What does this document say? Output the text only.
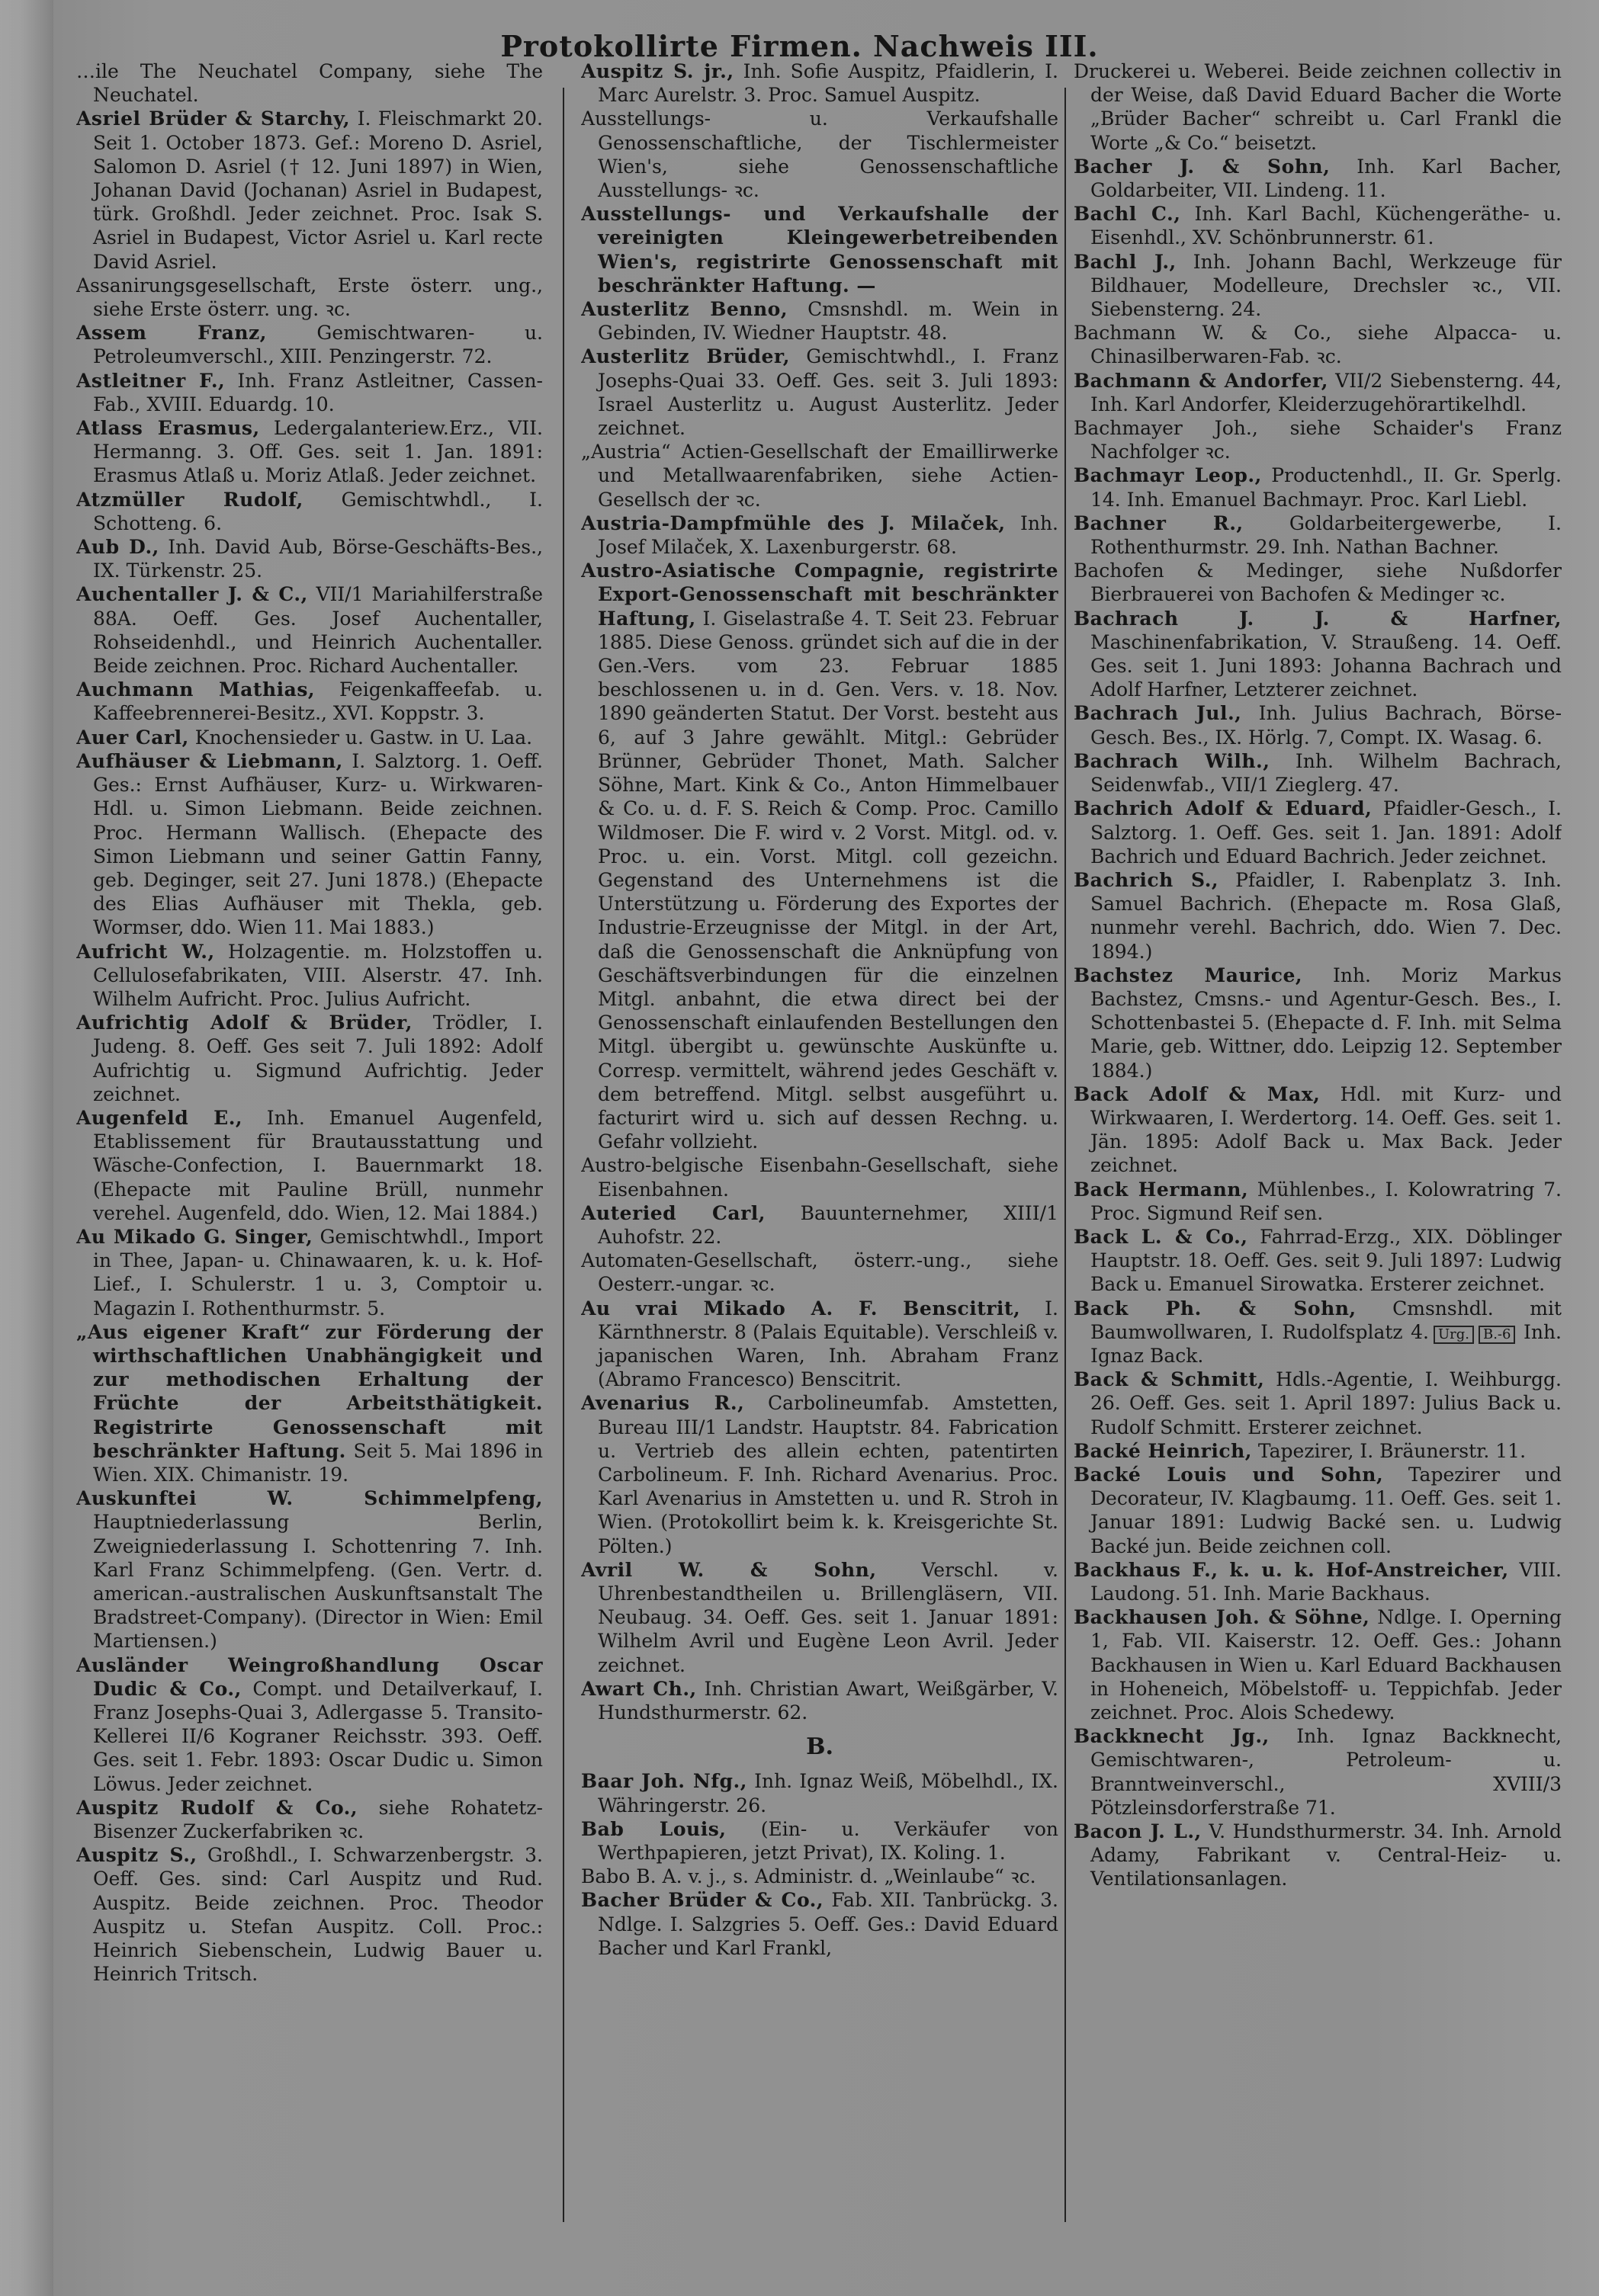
Protokollirte Firmen. Nachweis III.

…ile The Neuchatel Company, siehe The Neuchatel.

Asriel Brüder & Starchy, I. Fleischmarkt 20. Seit 1. October 1873. Gef.: Moreno D. Asriel, Salomon D. Asriel († 12. Juni 1897) in Wien, Johanan David (Jochanan) Asriel in Budapest, türk. Großhdl. Jeder zeichnet. Proc. Isak S. Asriel in Budapest, Victor Asriel u. Karl recte David Asriel.

Assanirungsgesellschaft, Erste österr. ung., siehe Erste österr. ung. ꝛc.

Assem Franz,	Gemischtwaren- u. Petroleumverschl., XIII. Penzingerstr. 72.

Astleitner F., Inh. Franz Astleitner, Cassen-Fab., XVIII. Eduardg. 10.

Atlass Erasmus, Ledergalanteriew.Erz., VII. Hermanng. 3. Off. Ges. seit 1. Jan. 1891: Erasmus Atlaß u. Moriz Atlaß. Jeder zeichnet.

Atzmüller Rudolf, Gemischtwhdl., I. Schotteng. 6.

Aub D., Inh. David Aub, Börse-Geschäfts-Bes., IX. Türkenstr. 25.

Auchentaller J. & C., VII/1 Mariahilferstraße 88A. Oeff. Ges. Josef Auchentaller, Rohseidenhdl., und Heinrich Auchentaller. Beide zeichnen. Proc. Richard Auchentaller.

Auchmann Mathias, Feigenkaffeefab. u. Kaffeebrennerei-Besitz., XVI. Koppstr. 3.

Auer Carl, Knochensieder u. Gastw. in U. Laa.

Aufhäuser & Liebmann, I. Salztorg. 1. Oeff. Ges.: Ernst Aufhäuser, Kurz- u. Wirkwaren-Hdl. u. Simon Liebmann. Beide zeichnen. Proc. Hermann Wallisch. (Ehepacte des Simon Liebmann und seiner Gattin Fanny, geb. Deginger, seit 27. Juni 1878.) (Ehepacte des Elias Aufhäuser mit Thekla, geb. Wormser, ddo. Wien 11. Mai 1883.)

Aufricht W., Holzagentie. m. Holzstoffen u. Cellulosefabrikaten, VIII. Alserstr. 47. Inh. Wilhelm Aufricht. Proc. Julius Aufricht.

Aufrichtig Adolf & Brüder, Trödler, I. Judeng. 8. Oeff. Ges seit 7. Juli 1892: Adolf Aufrichtig u. Sigmund Aufrichtig. Jeder zeichnet.

Augenfeld E., Inh. Emanuel Augenfeld, Etablissement für Brautausstattung und Wäsche-Confection, I. Bauernmarkt 18. (Ehepacte mit Pauline Brüll, nunmehr verehel. Augenfeld, ddo. Wien, 12. Mai 1884.)

Au Mikado G. Singer, Gemischtwhdl., Import in Thee, Japan- u. Chinawaaren, k. u. k. Hof-Lief., I. Schulerstr. 1 u. 3, Comptoir u. Magazin I. Rothenthurmstr. 5.

„Aus eigener Kraft“ zur Förderung der wirthschaftlichen Unabhängigkeit und zur methodischen Erhaltung der Früchte der Arbeitsthätigkeit. Registrirte Genossenschaft mit beschränkter Haftung. Seit 5. Mai 1896 in Wien. XIX. Chimanistr. 19.

Auskunftei W. Schimmelpfeng, Hauptniederlassung Berlin, Zweigniederlassung I. Schottenring 7. Inh. Karl Franz Schimmelpfeng. (Gen. Vertr. d. american.-australischen Auskunftsanstalt The Bradstreet-Company). (Director in Wien: Emil Martiensen.)

Ausländer Weingroßhandlung Oscar Dudic & Co., Compt. und Detailverkauf, I. Franz Josephs-Quai 3, Adlergasse 5. Transito-Kellerei II/6 Kograner Reichsstr. 393. Oeff. Ges. seit 1. Febr. 1893: Oscar Dudic u. Simon Löwus. Jeder zeichnet.

Auspitz Rudolf & Co., siehe Rohatetz-Bisenzer Zuckerfabriken ꝛc.

Auspitz S., Großhdl., I. Schwarzenbergstr. 3. Oeff. Ges. sind: Carl Auspitz und Rud. Auspitz. Beide zeichnen. Proc. Theodor Auspitz u. Stefan Auspitz. Coll. Proc.: Heinrich Siebenschein, Ludwig Bauer u. Heinrich Tritsch.

Auspitz S. jr., Inh. Sofie Auspitz, Pfaidlerin, I. Marc Aurelstr. 3. Proc. Samuel Auspitz.

Ausstellungs- u. Verkaufshalle Genossenschaftliche, der Tischlermeister Wien's, siehe Genossenschaftliche Ausstellungs- ꝛc.

Ausstellungs- und Verkaufshalle der vereinigten Kleingewerbetreibenden Wien's, registrirte Genossenschaft mit beschränkter Haftung. —

Austerlitz Benno, Cmsnshdl. m. Wein in Gebinden, IV. Wiedner Hauptstr. 48.

Austerlitz Brüder, Gemischtwhdl., I. Franz Josephs-Quai 33. Oeff. Ges. seit 3. Juli 1893: Israel Austerlitz u. August Austerlitz. Jeder zeichnet.

„Austria“ Actien-Gesellschaft der Emaillirwerke und Metallwaarenfabriken, siehe Actien-Gesellsch der ꝛc.

Austria-Dampfmühle des J. Milaček, Inh. Josef Milaček, X. Laxenburgerstr. 68.

Austro-Asiatische Compagnie, registrirte Export-Genossenschaft mit beschränkter Haftung, I. Giselastraße 4. T. Seit 23. Februar 1885. Diese Genoss. gründet sich auf die in der Gen.-Vers. vom 23. Februar 1885 beschlossenen u. in d. Gen. Vers. v. 18. Nov. 1890 geänderten Statut. Der Vorst. besteht aus 6, auf 3 Jahre gewählt. Mitgl.: Gebrüder Brünner, Gebrüder Thonet, Math. Salcher Söhne, Mart. Kink & Co., Anton Himmelbauer & Co. u. d. F. S. Reich & Comp. Proc. Camillo Wildmoser. Die F. wird v. 2 Vorst. Mitgl. od. v. Proc. u. ein. Vorst. Mitgl. coll gezeichn. Gegenstand des Unternehmens ist die Unterstützung u. Förderung des Exportes der Industrie-Erzeugnisse der Mitgl. in der Art, daß die Genossenschaft die Anknüpfung von Geschäftsverbindungen für die einzelnen Mitgl. anbahnt, die etwa direct bei der Genossenschaft einlaufenden Bestellungen den Mitgl. übergibt u. gewünschte Auskünfte u. Corresp. vermittelt, während jedes Geschäft v. dem betreffend. Mitgl. selbst ausgeführt u. facturirt wird u. sich auf dessen Rechng. u. Gefahr vollzieht.

Austro-belgische Eisenbahn-Gesellschaft, siehe Eisenbahnen.

Auteried Carl, Bauunternehmer, XIII/1 Auhofstr. 22.

Automaten-Gesellschaft, österr.-ung., siehe Oesterr.-ungar. ꝛc.

Au vrai Mikado A. F. Benscitrit, I. Kärnthnerstr. 8 (Palais Equitable). Verschleiß v. japanischen Waren, Inh. Abraham Franz (Abramo Francesco) Benscitrit.

Avenarius R., Carbolineumfab. Amstetten, Bureau III/1 Landstr. Hauptstr. 84. Fabrication u. Vertrieb des allein echten, patentirten Carbolineum. F. Inh. Richard Avenarius. Proc. Karl Avenarius in Amstetten u. und R. Stroh in Wien. (Protokollirt beim k. k. Kreisgerichte St. Pölten.)

Avril W. & Sohn, Verschl. v. Uhrenbestandtheilen u. Brillengläsern, VII. Neubaug. 34. Oeff. Ges. seit 1. Januar 1891: Wilhelm Avril und Eugène Leon Avril. Jeder zeichnet.

Awart Ch., Inh. Christian Awart, Weißgärber, V. Hundsthurmerstr. 62.

B.

Baar Joh. Nfg., Inh. Ignaz Weiß, Möbelhdl., IX. Währingerstr. 26.

Bab Louis, (Ein- u. Verkäufer von Werthpapieren, jetzt Privat), IX. Koling. 1.

Babo B. A. v. j., s. Administr. d. „Weinlaube“ ꝛc.

Bacher Brüder & Co., Fab. XII. Tanbrückg. 3. Ndlge. I. Salzgries 5. Oeff. Ges.: David Eduard Bacher und Karl Frankl,

Druckerei u. Weberei. Beide zeichnen collectiv in der Weise, daß David Eduard Bacher die Worte „Brüder Bacher“ schreibt u. Carl Frankl die Worte „& Co.“ beisetzt.

Bacher J. & Sohn, Inh. Karl Bacher, Goldarbeiter, VII. Lindeng. 11.

Bachl C., Inh. Karl Bachl, Küchengeräthe- u. Eisenhdl., XV. Schönbrunnerstr. 61.

Bachl J., Inh. Johann Bachl, Werkzeuge für Bildhauer, Modelleure, Drechsler ꝛc., VII. Siebensterng. 24.

Bachmann W. & Co., siehe Alpacca- u. Chinasilberwaren-Fab. ꝛc.

Bachmann & Andorfer, VII/2 Siebensterng. 44, Inh. Karl Andorfer, Kleiderzugehörartikelhdl.

Bachmayer Joh., siehe Schaider's Franz Nachfolger ꝛc.

Bachmayr Leop., Productenhdl., II. Gr. Sperlg. 14. Inh. Emanuel Bachmayr. Proc. Karl Liebl.

Bachner R., Goldarbeitergewerbe, I. Rothenthurmstr. 29. Inh. Nathan Bachner.

Bachofen & Medinger, siehe Nußdorfer Bierbrauerei von Bachofen & Medinger ꝛc.

Bachrach J. J. & Harfner, Maschinenfabrikation, V. Straußeng. 14. Oeff. Ges. seit 1. Juni 1893: Johanna Bachrach und Adolf Harfner, Letzterer zeichnet.

Bachrach Jul., Inh. Julius Bachrach, Börse-Gesch. Bes., IX. Hörlg. 7, Compt. IX. Wasag. 6.

Bachrach Wilh., Inh. Wilhelm Bachrach, Seidenwfab., VII/1 Zieglerg. 47.

Bachrich Adolf & Eduard, Pfaidler-Gesch., I. Salztorg. 1. Oeff. Ges. seit 1. Jan. 1891: Adolf Bachrich und Eduard Bachrich. Jeder zeichnet.

Bachrich S., Pfaidler, I. Rabenplatz 3. Inh. Samuel Bachrich. (Ehepacte m. Rosa Glaß, nunmehr verehl. Bachrich, ddo. Wien 7. Dec. 1894.)

Bachstez Maurice, Inh. Moriz Markus Bachstez, Cmsns.- und Agentur-Gesch. Bes., I. Schottenbastei 5. (Ehepacte d. F. Inh. mit Selma Marie, geb. Wittner, ddo. Leipzig 12. September 1884.)

Back Adolf & Max, Hdl. mit Kurz- und Wirkwaaren, I. Werdertorg. 14. Oeff. Ges. seit 1. Jän. 1895: Adolf Back u. Max Back. Jeder zeichnet.

Back Hermann, Mühlenbes., I. Kolowratring 7. Proc. Sigmund Reif sen.

Back L. & Co., Fahrrad-Erzg., XIX. Döblinger Hauptstr. 18. Oeff. Ges. seit 9. Juli 1897: Ludwig Back u. Emanuel Sirowatka. Ersterer zeichnet.

Back Ph. & Sohn, Cmsnshdl. mit Baumwollwaren, I. Rudolfsplatz 4. Urg. B.-6 Inh. Ignaz Back.

Back & Schmitt, Hdls.-Agentie, I. Weihburgg. 26. Oeff. Ges. seit 1. April 1897: Julius Back u. Rudolf Schmitt. Ersterer zeichnet.

Backé Heinrich, Tapezirer, I. Bräunerstr. 11.

Backé Louis und Sohn, Tapezirer und Decorateur, IV. Klagbaumg. 11. Oeff. Ges. seit 1. Januar 1891: Ludwig Backé sen. u. Ludwig Backé jun. Beide zeichnen coll.

Backhaus F., k. u. k. Hof-Anstreicher, VIII. Laudong. 51. Inh. Marie Backhaus.

Backhausen Joh. & Söhne, Ndlge. I. Operning 1, Fab. VII. Kaiserstr. 12. Oeff. Ges.: Johann Backhausen in Wien u. Karl Eduard Backhausen in Hoheneich, Möbelstoff- u. Teppichfab. Jeder zeichnet. Proc. Alois Schedewy.

Backknecht Jg., Inh. Ignaz Backknecht, Gemischtwaren-, Petroleum- u. Branntweinverschl., XVIII/3 Pötzleinsdorferstraße 71.

Bacon J. L., V. Hundsthurmerstr. 34. Inh. Arnold Adamy, Fabrikant v. Central-Heiz- u. Ventilationsanlagen.
